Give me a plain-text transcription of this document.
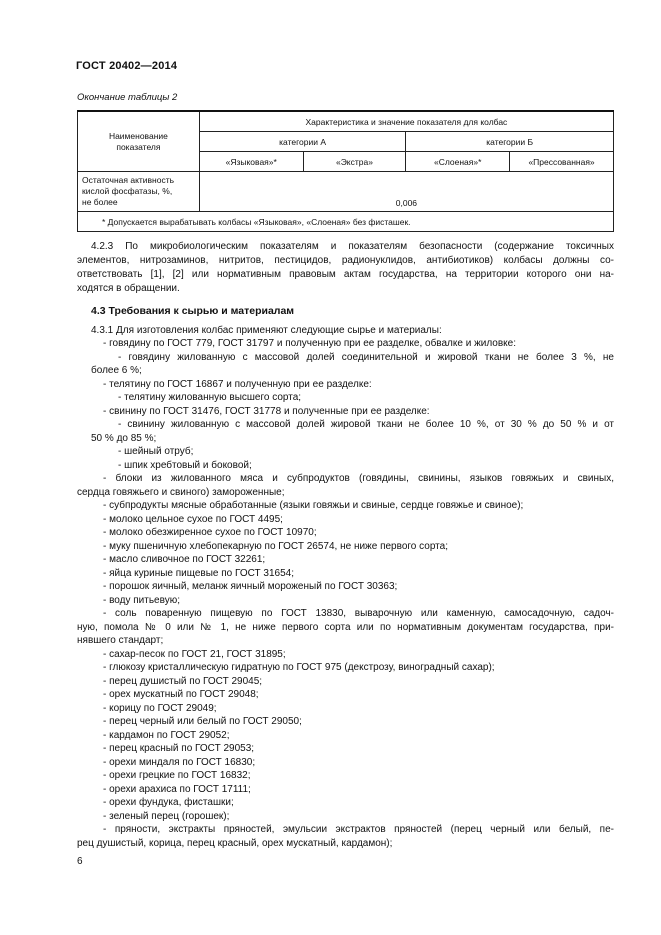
ГОСТ 20402—2014
Окончание таблицы 2
Наименование показателя	Характеристика и значение показателя для колбас			
	категории А		категории Б	
	«Языковая»*	«Экстра»	«Слоеная»*	«Прессованная»

Остаточная активность
кислой фосфатазы, %,
не более	0,006			
* Допускается вырабатывать колбасы «Языковая», «Слоеная» без фисташек.				
4.2.3 По микробиологическим показателям и показателям безопасности (содержание токсичных
элементов, нитрозаминов, нитритов, пестицидов, радионуклидов, антибиотиков) колбасы должны со-
ответствовать [1], [2] или нормативным правовым актам государства, на территории которого они на-
ходятся в обращении.
4.3 Требования к сырью и материалам
4.3.1 Для изготовления колбас применяют следующие сырье и материалы:
- говядину по ГОСТ 779, ГОСТ 31797 и полученную при ее разделке, обвалке и жиловке:
- говядину жилованную с массовой долей соединительной и жировой ткани не более 3 %, не
более 6 %;
- телятину по ГОСТ 16867 и полученную при ее разделке:
- телятину жилованную высшего сорта;
- свинину по ГОСТ 31476, ГОСТ 31778 и полученные при ее разделке:
- свинину жилованную с массовой долей жировой ткани не более 10 %, от 30 % до 50 % и от
50 % до 85 %;
- шейный отруб;
- шпик хребтовый и боковой;
- блоки из жилованного мяса и субпродуктов (говядины, свинины, языков говяжьих и свиных,
сердца говяжьего и свиного) замороженные;
- субпродукты мясные обработанные (языки говяжьи и свиные, сердце говяжье и свиное);
- молоко цельное сухое по ГОСТ 4495;
- молоко обезжиренное сухое по ГОСТ 10970;
- муку пшеничную хлебопекарную по ГОСТ 26574, не ниже первого сорта;
- масло сливочное по ГОСТ 32261;
- яйца куриные пищевые по ГОСТ 31654;
- порошок яичный, меланж яичный мороженый по ГОСТ 30363;
- воду питьевую;
- соль поваренную пищевую по ГОСТ 13830, выварочную или каменную, самосадочную, садоч-
ную, помола № 0 или № 1, не ниже первого сорта или по нормативным документам государства, при-
нявшего стандарт;
- сахар-песок по ГОСТ 21, ГОСТ 31895;
- глюкозу кристаллическую гидратную по ГОСТ 975 (декстрозу, виноградный сахар);
- перец душистый по ГОСТ 29045;
- орех мускатный по ГОСТ 29048;
- корицу по ГОСТ 29049;
- перец черный или белый по ГОСТ 29050;
- кардамон по ГОСТ 29052;
- перец красный по ГОСТ 29053;
- орехи миндаля по ГОСТ 16830;
- орехи грецкие по ГОСТ 16832;
- орехи арахиса по ГОСТ 17111;
- орехи фундука, фисташки;
- зеленый перец (горошек);
- пряности, экстракты пряностей, эмульсии экстрактов пряностей (перец черный или белый, пе-
рец душистый, корица, перец красный, орех мускатный, кардамон);
6
